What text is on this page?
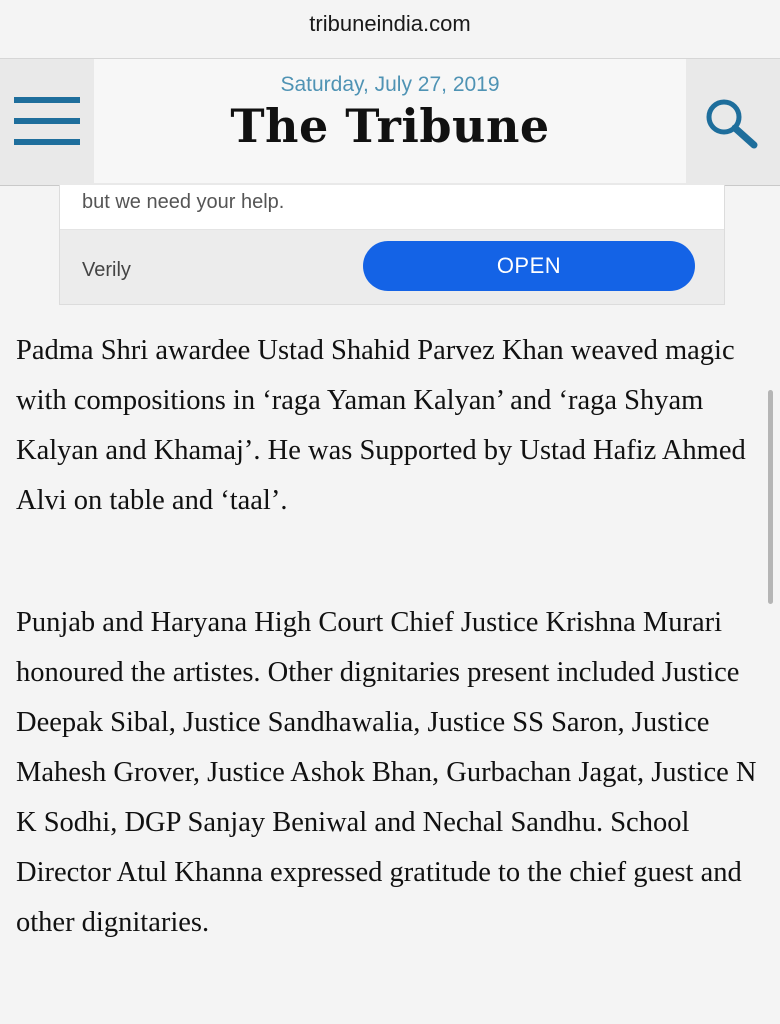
tribuneindia.com
Saturday, July 27, 2019
The Tribune
but we need your help.
Verily	OPEN

Padma Shri awardee Ustad Shahid Parvez Khan weaved magic with compositions in ‘raga Yaman Kalyan’ and ‘raga Shyam Kalyan and Khamaj’. He was Supported by Ustad Hafiz Ahmed Alvi on table and ‘taal’.

Punjab and Haryana High Court Chief Justice Krishna Murari honoured the artistes. Other dignitaries present included Justice Deepak Sibal, Justice Sandhawalia, Justice SS Saron, Justice Mahesh Grover, Justice Ashok Bhan, Gurbachan Jagat, Justice N K Sodhi, DGP Sanjay Beniwal and Nechal Sandhu. School Director Atul Khanna expressed gratitude to the chief guest and other dignitaries.
